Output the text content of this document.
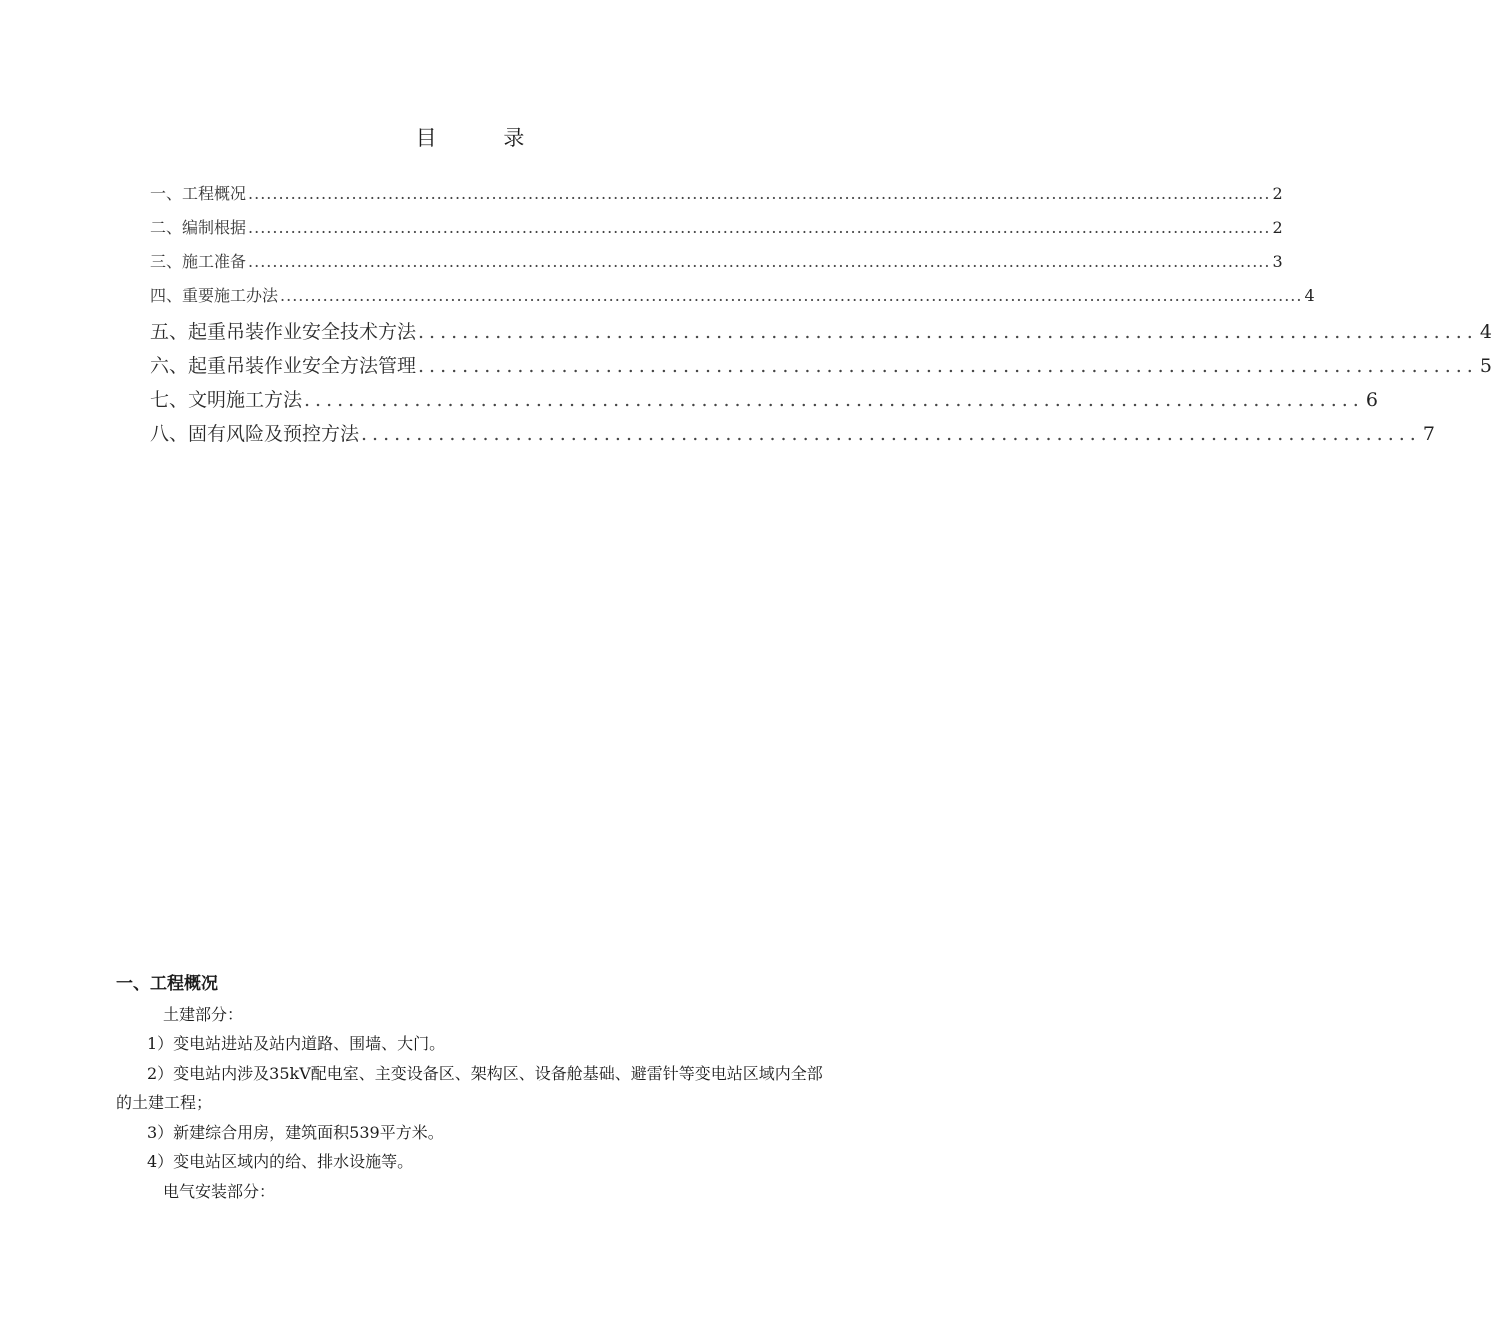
目 录
一、工程概况 ........................................................................................................................................................................ 2
二、编制根据 ........................................................................................................................................................................ 2
三、施工准备 ........................................................................................................................................................................ 3
四、重要施工办法 ........................................................................................................................................................................ 4
五、起重吊装作业安全技术方法 ................................................................................................ 4
六、起重吊装作业安全方法管理 ................................................................................................ 5
七、文明施工方法 ................................................................................................ 6
八、固有风险及预控方法 ................................................................................................ 7
一、工程概况
土建部分：
1）变电站进站及站内道路、围墙、大门。
2）变电站内涉及35kV配电室、主变设备区、架构区、设备舱基础、避雷针等变电站区域内全部的土建工程；
3）新建综合用房，建筑面积539平方米。
4）变电站区域内的给、排水设施等。
电气安装部分：
